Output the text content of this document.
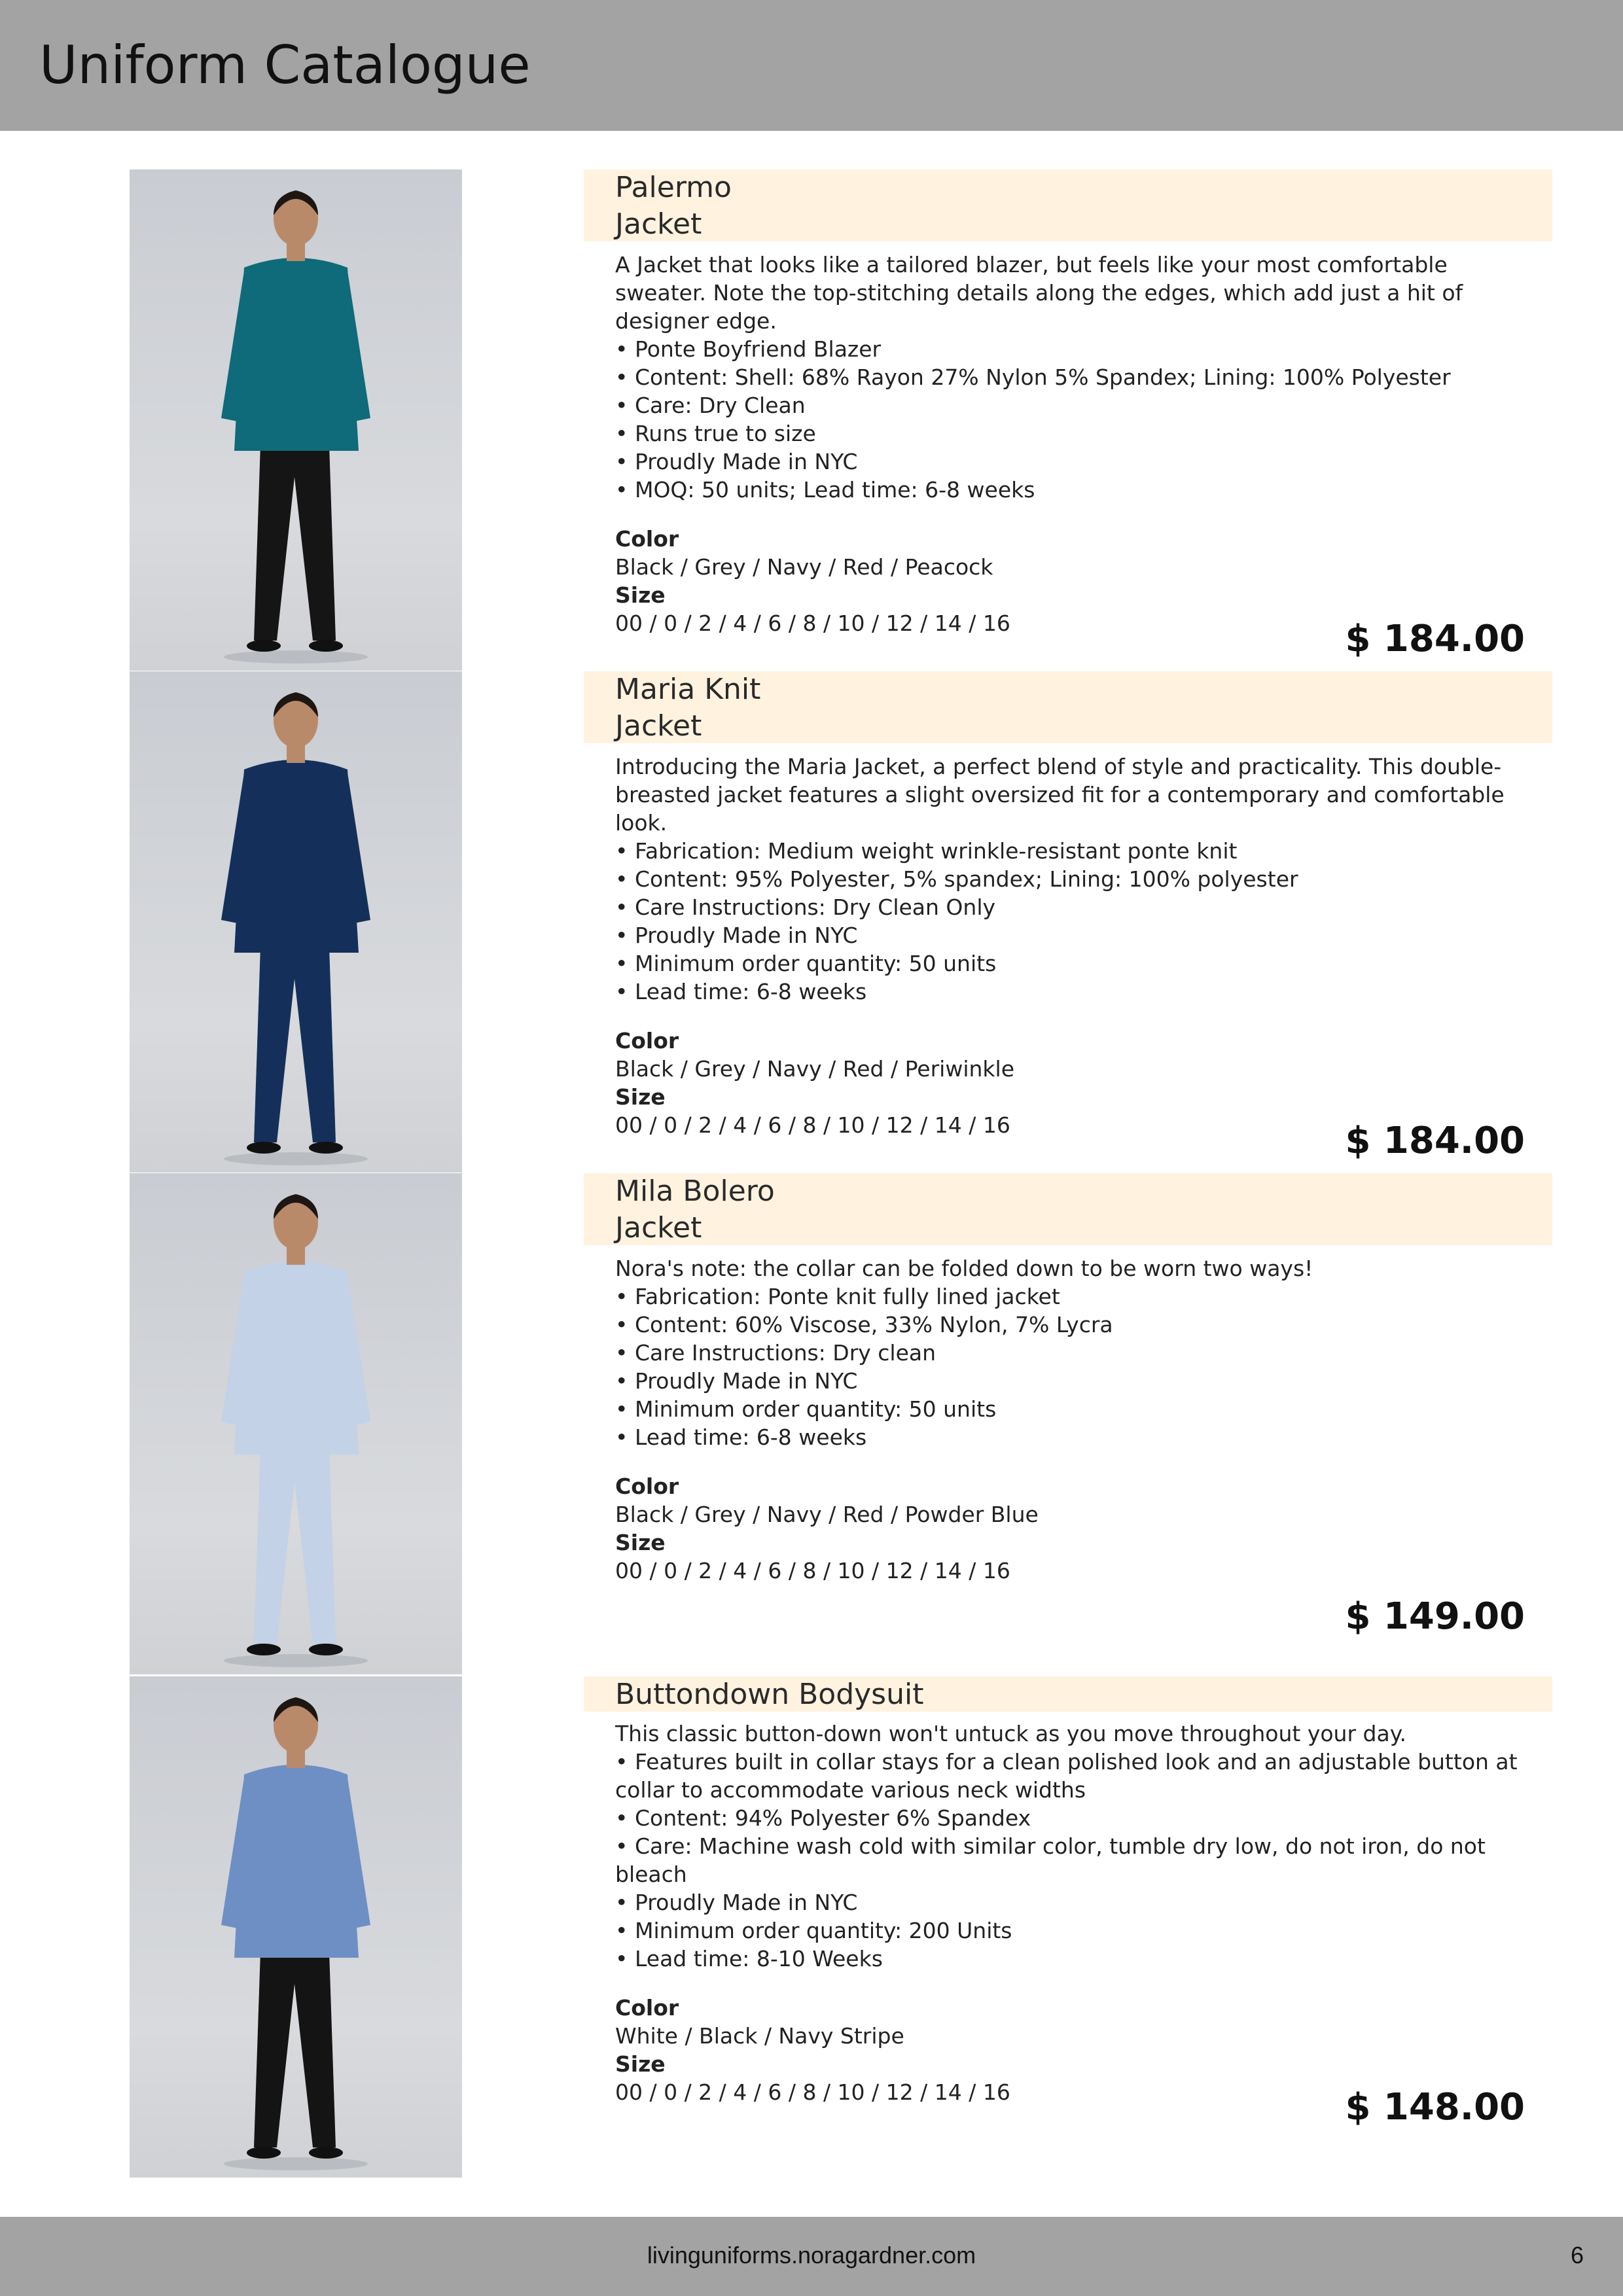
Uniform Catalogue
Palermo
Jacket

A Jacket that looks like a tailored blazer, but feels like your most comfortable sweater. Note the top-stitching details along the edges, which add just a hit of designer edge.

• Ponte Boyfriend Blazer
• Content: Shell: 68% Rayon 27% Nylon 5% Spandex; Lining: 100% Polyester
• Care: Dry Clean
• Runs true to size
• Proudly Made in NYC
• MOQ: 50 units; Lead time: 6-8 weeks
Color
Black / Grey / Navy / Red / Peacock
Size
00 / 0 / 2 / 4 / 6 / 8 / 10 / 12 / 14 / 16	$ 184.00
Maria Knit
Jacket

Introducing the Maria Jacket, a perfect blend of style and practicality. This double-breasted jacket features a slight oversized fit for a contemporary and comfortable look.

• Fabrication: Medium weight wrinkle-resistant ponte knit
• Content: 95% Polyester, 5% spandex; Lining: 100% polyester
• Care Instructions: Dry Clean Only
• Proudly Made in NYC
• Minimum order quantity: 50 units
• Lead time: 6-8 weeks
Color
Black / Grey / Navy / Red / Periwinkle
Size
00 / 0 / 2 / 4 / 6 / 8 / 10 / 12 / 14 / 16	$ 184.00
Mila Bolero
Jacket

Nora's note: the collar can be folded down to be worn two ways!

• Fabrication: Ponte knit fully lined jacket
• Content: 60% Viscose, 33% Nylon, 7% Lycra
• Care Instructions: Dry clean
• Proudly Made in NYC
• Minimum order quantity: 50 units
• Lead time: 6-8 weeks
Color
Black / Grey / Navy / Red / Powder Blue
Size
00 / 0 / 2 / 4 / 6 / 8 / 10 / 12 / 14 / 16
$ 149.00
Buttondown Bodysuit

This classic button-down won't untuck as you move throughout your day.

• Features built in collar stays for a clean polished look and an adjustable button at collar to accommodate various neck widths
• Content: 94% Polyester 6% Spandex
• Care: Machine wash cold with similar color, tumble dry low, do not iron, do not bleach
• Proudly Made in NYC
• Minimum order quantity: 200 Units
• Lead time: 8-10 Weeks
Color
White / Black / Navy Stripe
Size
00 / 0 / 2 / 4 / 6 / 8 / 10 / 12 / 14 / 16	$ 148.00
livinguniforms.noragardner.com	6
